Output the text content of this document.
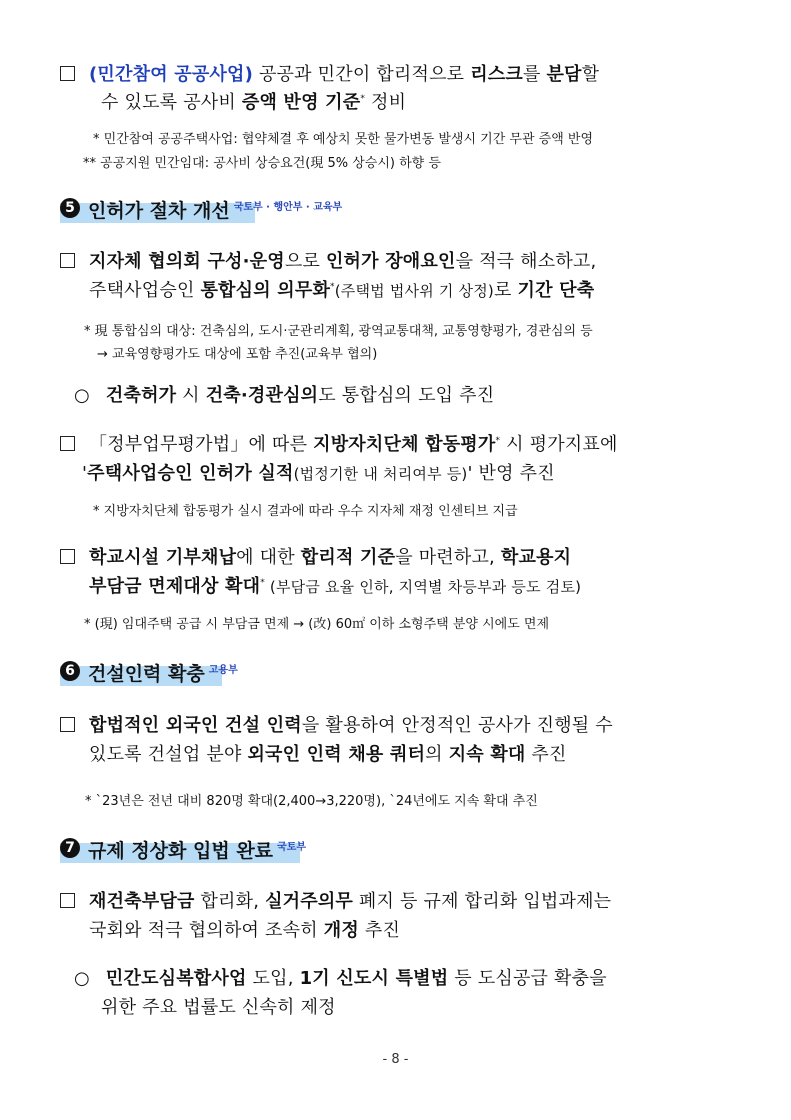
(민간참여 공공사업) 공공과 민간이 합리적으로 리스크를 분담할
수 있도록 공사비 증액 반영 기준* 정비
* 민간참여 공공주택사업: 협약체결 후 예상치 못한 물가변동 발생시 기간 무관 증액 반영
** 공공지원 민간임대: 공사비 상승요건(現 5% 상승시) 하향 등
5 인허가 절차 개선 $^{국토부 \cdot 행안부 \cdot 교육부}$
지자체 협의회 구성·운영으로 인허가 장애요인을 적극 해소하고,
주택사업승인 통합심의 의무화*(주택법 법사위 기 상정)로 기간 단축
* 現 통합심의 대상: 건축심의, 도시·군관리계획, 광역교통대책, 교통영향평가, 경관심의 등
→ 교육영향평가도 대상에 포함 추진(교육부 협의)
○ 건축허가 시 건축·경관심의도 통합심의 도입 추진
「정부업무평가법」에 따른 지방자치단체 합동평가* 시 평가지표에
'주택사업승인 인허가 실적(법정기한 내 처리여부 등)' 반영 추진
* 지방자치단체 합동평가 실시 결과에 따라 우수 지자체 재정 인센티브 지급
학교시설 기부채납에 대한 합리적 기준을 마련하고, 학교용지
부담금 면제대상 확대* (부담금 요율 인하, 지역별 차등부과 등도 검토)
* (現) 임대주택 공급 시 부담금 면제 → (改) 60㎡ 이하 소형주택 분양 시에도 면제
6 건설인력 확충 $^{고용부}$
합법적인 외국인 건설 인력을 활용하여 안정적인 공사가 진행될 수
있도록 건설업 분야 외국인 인력 채용 쿼터의 지속 확대 추진
* `23년은 전년 대비 820명 확대(2,400→3,220명), `24년에도 지속 확대 추진
7 규제 정상화 입법 완료 $^{국토부}$
재건축부담금 합리화, 실거주의무 폐지 등 규제 합리화 입법과제는
국회와 적극 협의하여 조속히 개정 추진
○ 민간도심복합사업 도입, 1기 신도시 특별법 등 도심공급 확충을
위한 주요 법률도 신속히 제정
- 8 -
